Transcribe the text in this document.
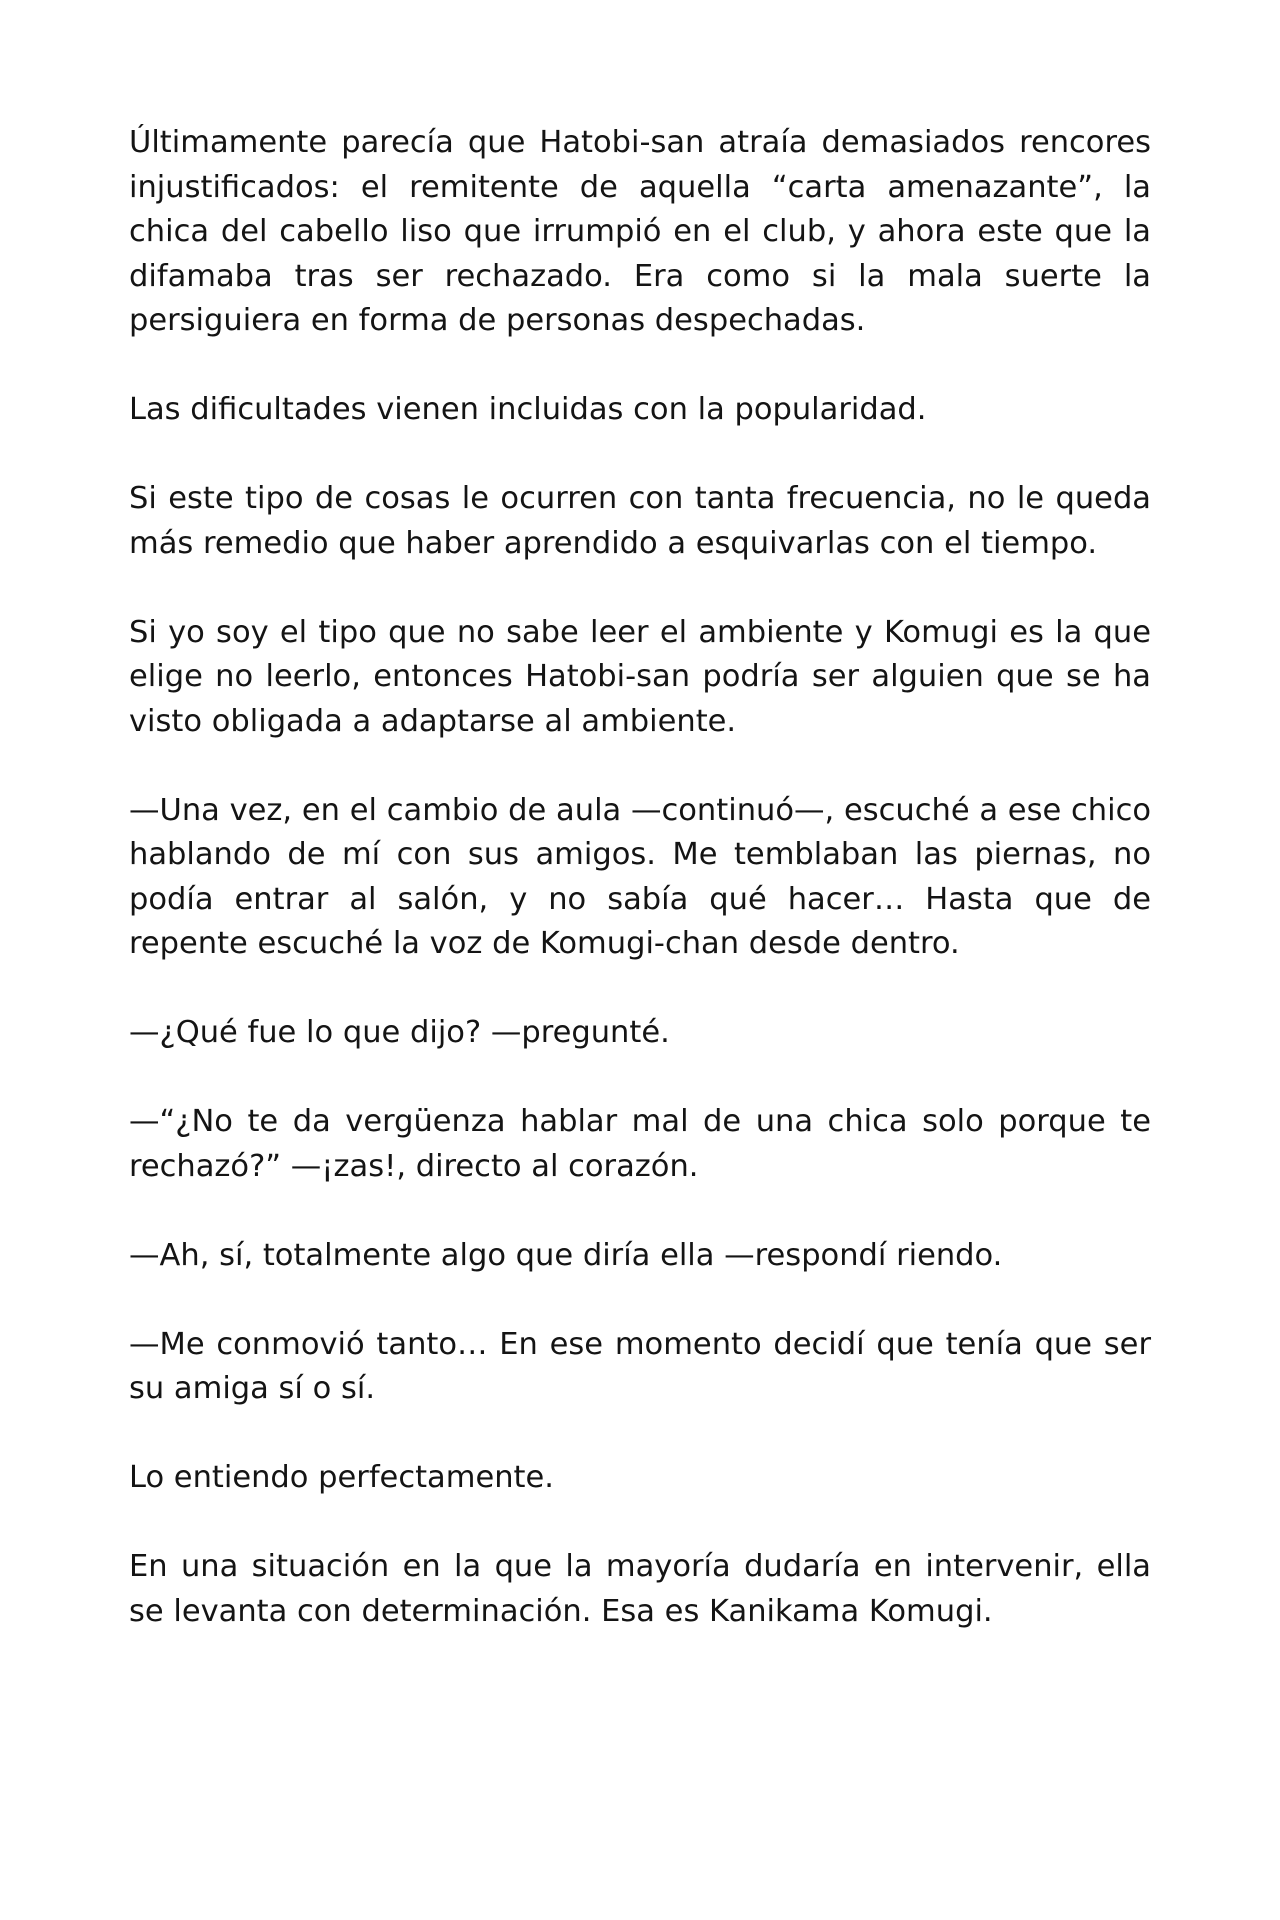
Últimamente parecía que Hatobi-san atraía demasiados rencores injustificados: el remitente de aquella “carta amenazante”, la chica del cabello liso que irrumpió en el club, y ahora este que la difamaba tras ser rechazado. Era como si la mala suerte la persiguiera en forma de personas despechadas.

Las dificultades vienen incluidas con la popularidad.

Si este tipo de cosas le ocurren con tanta frecuencia, no le queda más remedio que haber aprendido a esquivarlas con el tiempo.

Si yo soy el tipo que no sabe leer el ambiente y Komugi es la que elige no leerlo, entonces Hatobi-san podría ser alguien que se ha visto obligada a adaptarse al ambiente.

—Una vez, en el cambio de aula —continuó—, escuché a ese chico hablando de mí con sus amigos. Me temblaban las piernas, no podía entrar al salón, y no sabía qué hacer… Hasta que de repente escuché la voz de Komugi-chan desde dentro.

—¿Qué fue lo que dijo? —pregunté.

—“¿No te da vergüenza hablar mal de una chica solo porque te rechazó?” —¡zas!, directo al corazón.

—Ah, sí, totalmente algo que diría ella —respondí riendo.

—Me conmovió tanto… En ese momento decidí que tenía que ser su amiga sí o sí.

Lo entiendo perfectamente.

En una situación en la que la mayoría dudaría en intervenir, ella se levanta con determinación. Esa es Kanikama Komugi.
